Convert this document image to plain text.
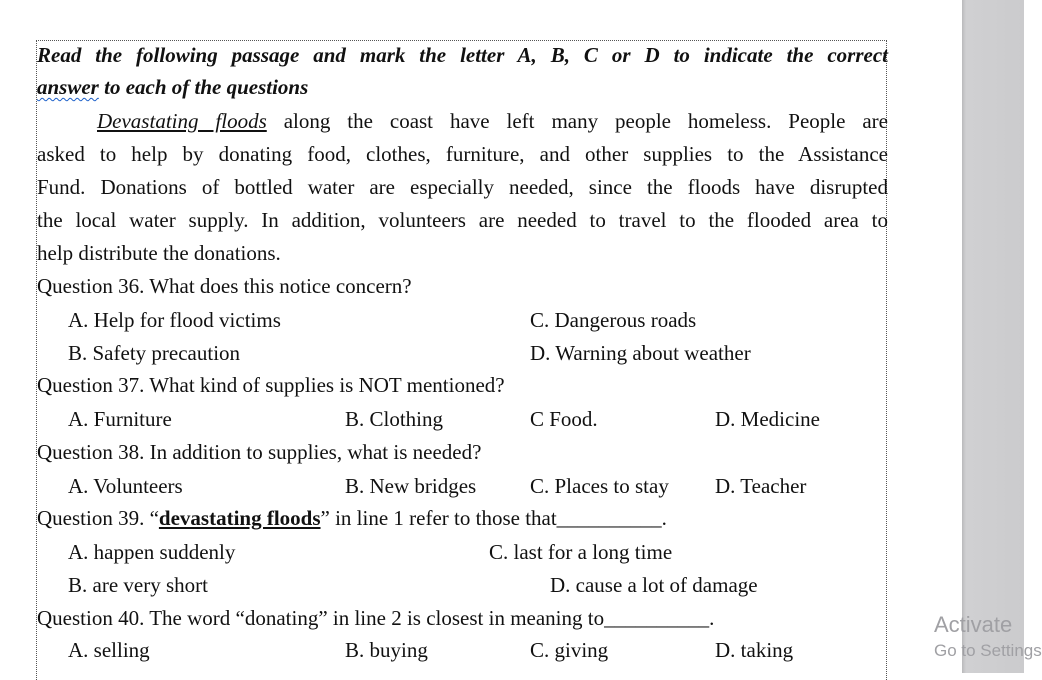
Read the following passage and mark the letter A, B, C or D to indicate the correct
answer to each of the questions
Devastating floods along the coast have left many people homeless. People are
asked to help by donating food, clothes, furniture, and other supplies to the Assistance
Fund. Donations of bottled water are especially needed, since the floods have disrupted
the local water supply. In addition, volunteers are needed to travel to the flooded area to
help distribute the donations.
Question 36. What does this notice concern?
A. Help for flood victims	C. Dangerous roads
B. Safety precaution	D. Warning about weather
Question 37. What kind of supplies is NOT mentioned?
A. Furniture	B. Clothing	C Food.	D. Medicine
Question 38. In addition to supplies, what is needed?
A. Volunteers	B. New bridges	C. Places to stay D. Teacher
Question 39. “devastating floods” in line 1 refer to those that__________.
A. happen suddenly	C. last for a long time
B. are very short	D. cause a lot of damage
Question 40. The word “donating” in line 2 is closest in meaning to__________.
A. selling	B. buying	C. giving	D. taking
Activate
Go to Settings
